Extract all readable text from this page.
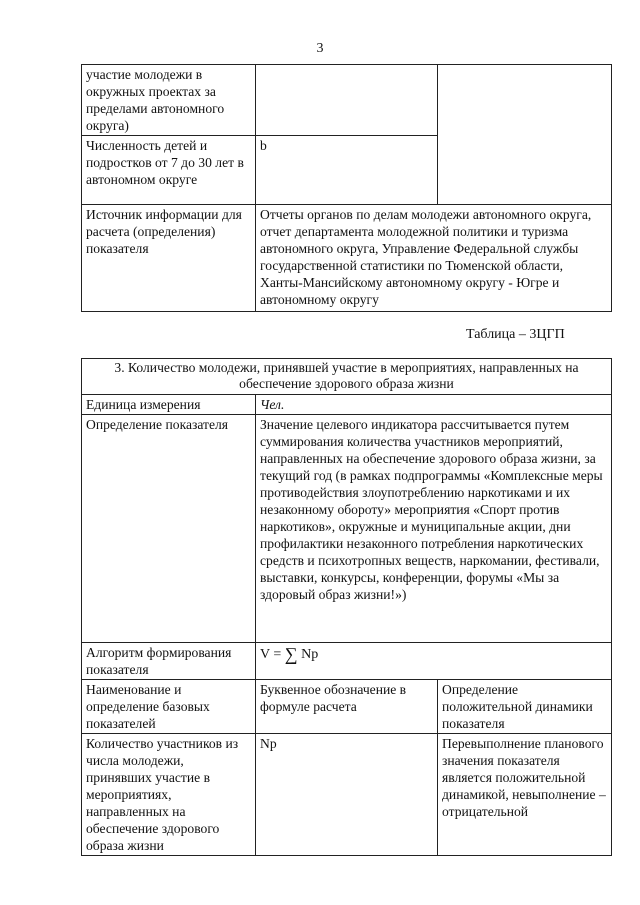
3
участие молодежи в окружных проектах за пределами автономного округа)		
Численность детей и подростков от 7 до 30 лет в автономном округе	b	
Источник информации для расчета (определения) показателя	Отчеты органов по делам молодежи автономного округа, отчет департамента молодежной политики и туризма автономного округа, Управление Федеральной службы государственной статистики по Тюменской области, Ханты-Мансийскому автономному округу - Югре и автономному округу	
Таблица – 3ЦГП
3. Количество молодежи, принявшей участие в мероприятиях, направленных на обеспечение здорового образа жизни		
Единица измерения	Чел.	
Определение показателя	Значение целевого индикатора рассчитывается путем суммирования количества участников мероприятий, направленных на обеспечение здорового образа жизни, за текущий год (в рамках подпрограммы «Комплексные меры противодействия злоупотреблению наркотиками и их незаконному обороту» мероприятия «Спорт против наркотиков», окружные и муниципальные акции, дни профилактики незаконного потребления наркотических средств и психотропных веществ, наркомании, фестивали, выставки, конкурсы, конференции, форумы «Мы за здоровый образ жизни!»)	
Алгоритм формирования показателя	V = ∑ Np	
Наименование и определение базовых показателей	Буквенное обозначение в формуле расчета	Определение положительной динамики показателя
Количество участников из числа молодежи, принявших участие в мероприятиях, направленных на обеспечение здорового образа жизни	Np	Перевыполнение планового значения показателя является положительной динамикой, невыполнение – отрицательной
